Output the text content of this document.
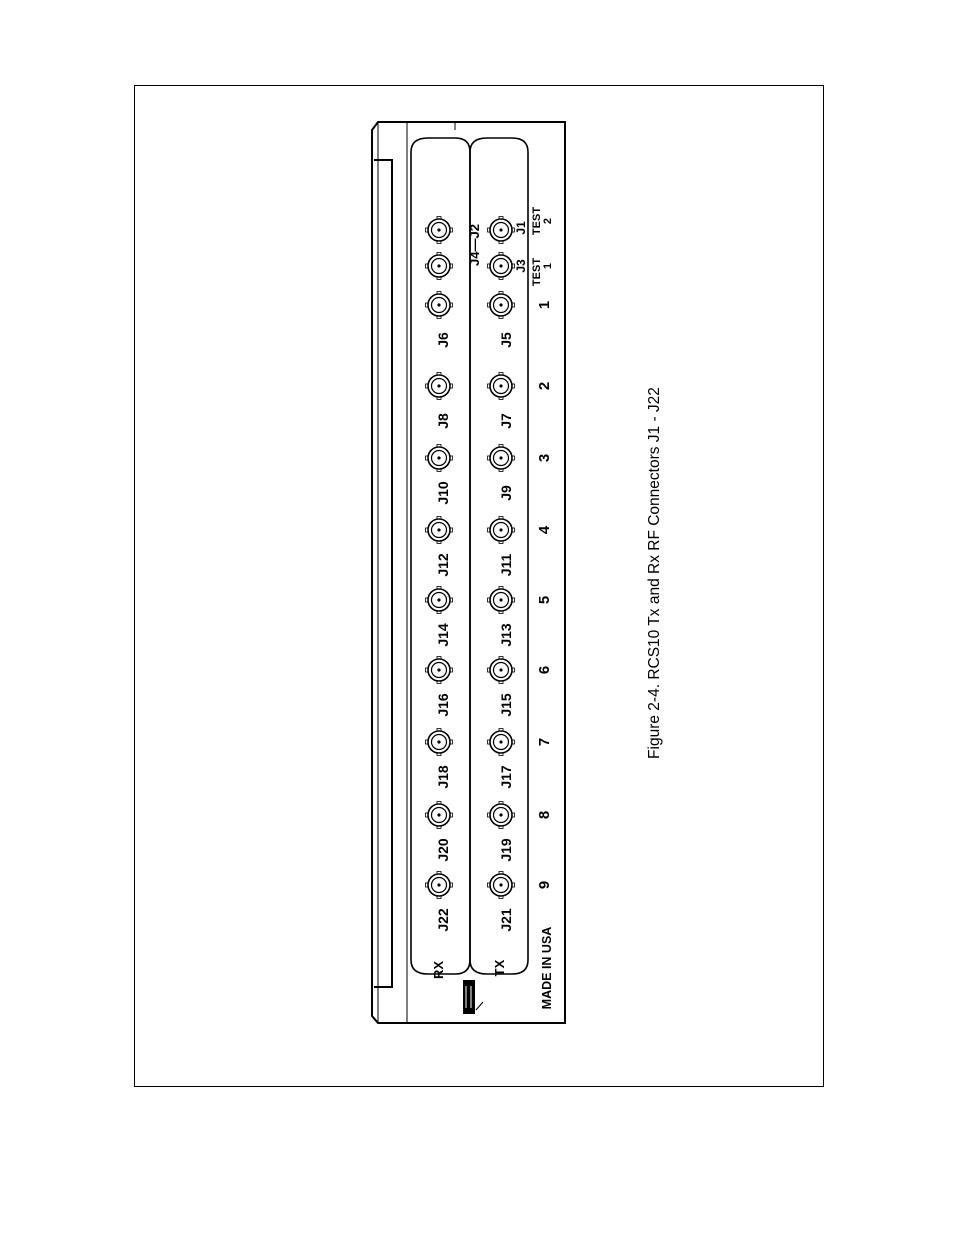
RX	TX	MADE IN USA
J4—J2
J3
J1
TEST 1
TEST 2
J22
J20
J18
J16
J14
J12
J10
J8
J6
J21
J19
J17
J15
J13
J11
J9
J7
J5
9
8
7
6
5
4
3
2
1
Figure 2-4. RCS10 Tx and Rx RF Connectors J1 - J22
